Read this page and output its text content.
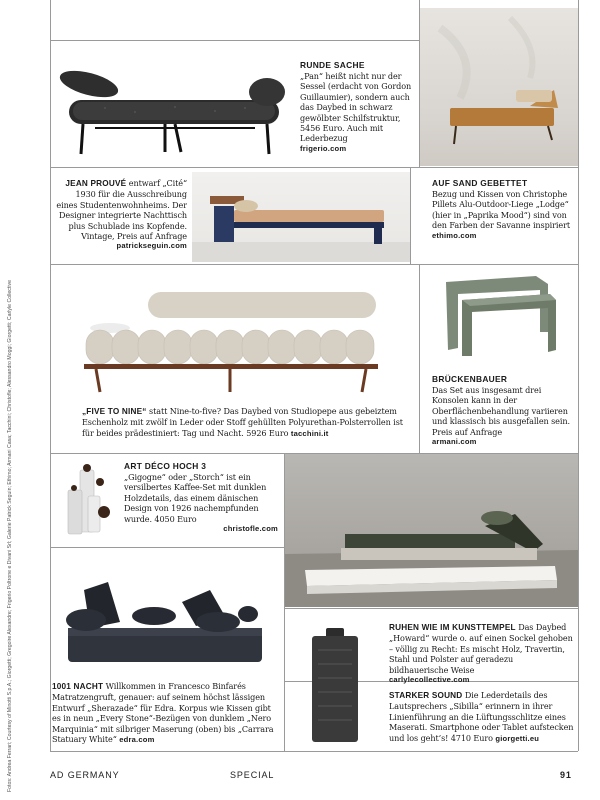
Fotos: Andrea Ferrari; Courtesy of Minotti S.p.A.; Giorgetti; Gregoire Alexandre; Frigerio Poltrone e Divani Srl; Galerie Patrick Seguin; Ethimo; Armani Casa; Tacchini; Christofle; Alessandro Moggi; Giorgetti; Carlyle Collective
RUNDE SACHE
„Pan“ heißt nicht nur der Sessel (erdacht von Gordon Guillaumier), sondern auch das Daybed in schwarz gewölbter Schilfstruktur, 5456 Euro. Auch mit Lederbezug
frigerio.com
JEAN PROUVÉ entwarf „Cité“ 1930 für die Ausschreibung eines Studentenwohnheims. Der Designer integrierte Nachttisch plus Schublade ins Kopfende. Vintage, Preis auf Anfrage
patrickseguin.com
AUF SAND GEBETTET
Bezug und Kissen von Christophe Pillets Alu-Outdoor-Liege „Lodge“ (hier in „Paprika Mood“) sind von den Farben der Savanne inspiriert
ethimo.com
„FIVE TO NINE“ statt Nine-to-five? Das Daybed von Studiopepe aus gebeiztem Eschenholz mit zwölf in Leder oder Stoff gehüllten Polyurethan-Polsterrollen ist für beides prädestiniert: Tag und Nacht. 5926 Euro tacchini.it
BRÜCKENBAUER
Das Set aus insgesamt drei Konsolen kann in der Oberflächenbehandlung variieren und klassisch bis ausgefallen sein. Preis auf Anfrage
armani.com
ART DÉCO HOCH 3
„Gigogne“ oder „Storch“ ist ein versilbertes Kaffee-Set mit dunklen Holzdetails, das einem dänischen Design von 1926 nachempfunden wurde. 4050 Euro
christofle.com
RUHEN WIE IM KUNSTTEMPEL Das Daybed „Howard“ wurde o. auf einen Sockel gehoben – völlig zu Recht: Es mischt Holz, Travertin, Stahl und Polster auf geradezu bildhauerische Weise
carlylecollective.com
1001 NACHT Willkommen in Francesco Binfarés Matratzengruft, genauer: auf seinem höchst lässigen Entwurf „Sherazade“ für Edra. Korpus wie Kissen gibt es in neun „Every Stone“-Bezügen von dunklem „Nero Marquinia“ mit silbriger Maserung (oben) bis „Carrara Statuary White“ edra.com
STARKER SOUND Die Lederdetails des Lautsprechers „Sibilla“ erinnern in ihrer Linienführung an die Lüftungsschlitze eines Maserati. Smartphone oder Tablet aufstecken und los geht’s! 4710 Euro giorgetti.eu
AD GERMANY	SPECIAL	91
